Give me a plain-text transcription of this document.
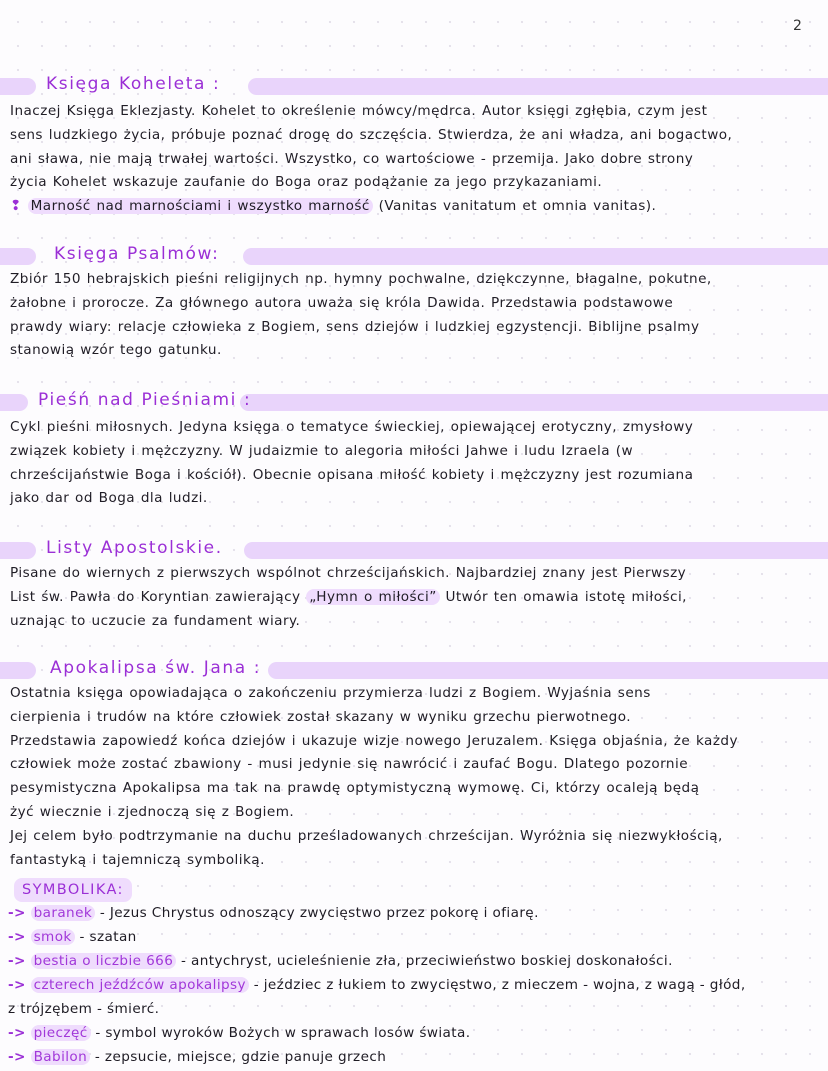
2
Księga Koheleta :
Inaczej Księga Eklezjasty. Kohelet to określenie mówcy/mędrca. Autor księgi zgłębia, czym jest
sens ludzkiego życia, próbuje poznać drogę do szczęścia. Stwierdza, że ani władza, ani bogactwo,
ani sława, nie mają trwałej wartości. Wszystko, co wartościowe - przemija. Jako dobre strony
życia Kohelet wskazuje zaufanie do Boga oraz podążanie za jego przykazaniami.
❢ Marność nad marnościami i wszystko marność (Vanitas vanitatum et omnia vanitas).
Księga Psalmów:
Zbiór 150 hebrajskich pieśni religijnych np. hymny pochwalne, dziękczynne, błagalne, pokutne,
żałobne i prorocze. Za głównego autora uważa się króla Dawida. Przedstawia podstawowe
prawdy wiary: relacje człowieka z Bogiem, sens dziejów i ludzkiej egzystencji. Biblijne psalmy
stanowią wzór tego gatunku.
Pieśń nad Pieśniami :
Cykl pieśni miłosnych. Jedyna księga o tematyce świeckiej, opiewającej erotyczny, zmysłowy
związek kobiety i mężczyzny. W judaizmie to alegoria miłości Jahwe i ludu Izraela (w
chrześcijaństwie Boga i kościół). Obecnie opisana miłość kobiety i mężczyzny jest rozumiana
jako dar od Boga dla ludzi.
Listy Apostolskie.
Pisane do wiernych z pierwszych wspólnot chrześcijańskich. Najbardziej znany jest Pierwszy
List św. Pawła do Koryntian zawierający „Hymn o miłości” Utwór ten omawia istotę miłości,
uznając to uczucie za fundament wiary.
Apokalipsa św. Jana :
Ostatnia księga opowiadająca o zakończeniu przymierza ludzi z Bogiem. Wyjaśnia sens
cierpienia i trudów na które człowiek został skazany w wyniku grzechu pierwotnego.
Przedstawia zapowiedź końca dziejów i ukazuje wizje nowego Jeruzalem. Księga objaśnia, że każdy
człowiek może zostać zbawiony - musi jedynie się nawrócić i zaufać Bogu. Dlatego pozornie
pesymistyczna Apokalipsa ma tak na prawdę optymistyczną wymowę. Ci, którzy ocaleją będą
żyć wiecznie i zjednoczą się z Bogiem.
Jej celem było podtrzymanie na duchu prześladowanych chrześcijan. Wyróżnia się niezwykłością,
fantastyką i tajemniczą symboliką.
SYMBOLIKA:
-> baranek - Jezus Chrystus odnoszący zwycięstwo przez pokorę i ofiarę.
-> smok - szatan
-> bestia o liczbie 666 - antychryst, ucieleśnienie zła, przeciwieństwo boskiej doskonałości.
-> czterech jeźdźców apokalipsy - jeździec z łukiem to zwycięstwo, z mieczem - wojna, z wagą - głód,
z trójzębem - śmierć.
-> pieczęć - symbol wyroków Bożych w sprawach losów świata.
-> Babilon - zepsucie, miejsce, gdzie panuje grzech
